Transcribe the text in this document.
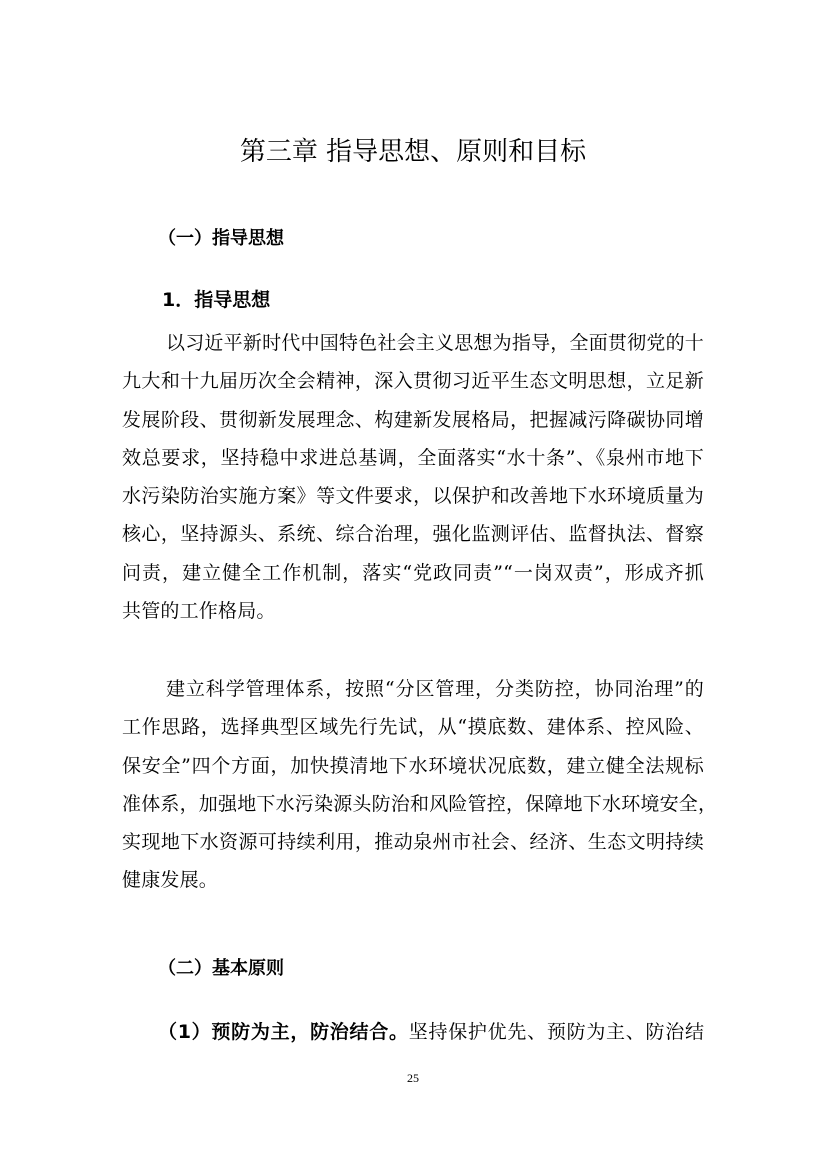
第三章 指导思想、原则和目标
（一）指导思想
1．指导思想
以习近平新时代中国特色社会主义思想为指导，全面贯彻党的十
九大和十九届历次全会精神，深入贯彻习近平生态文明思想，立足新
发展阶段、贯彻新发展理念、构建新发展格局，把握减污降碳协同增
效总要求，坚持稳中求进总基调，全面落实“水十条”、《泉州市地下
水污染防治实施方案》等文件要求，以保护和改善地下水环境质量为
核心，坚持源头、系统、综合治理，强化监测评估、监督执法、督察
问责，建立健全工作机制，落实“党政同责”“一岗双责”，形成齐抓
共管的工作格局。
建立科学管理体系，按照“分区管理，分类防控，协同治理”的
工作思路，选择典型区域先行先试，从“摸底数、建体系、控风险、
保安全”四个方面，加快摸清地下水环境状况底数，建立健全法规标
准体系，加强地下水污染源头防治和风险管控，保障地下水环境安全，
实现地下水资源可持续利用，推动泉州市社会、经济、生态文明持续
健康发展。
（二）基本原则

（1）预防为主，防治结合。坚持保护优先、预防为主、防治结

25
